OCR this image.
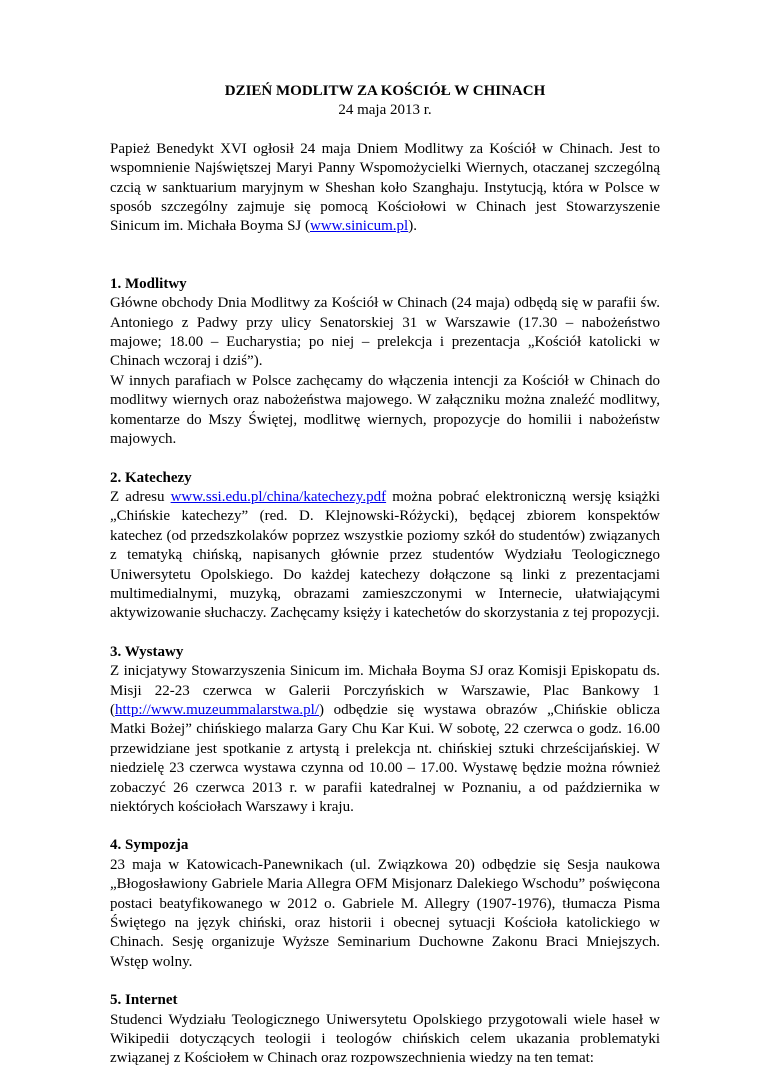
DZIEŃ MODLITW ZA KOŚCIÓŁ W CHINACH

24 maja 2013 r.

Papież Benedykt XVI ogłosił 24 maja Dniem Modlitwy za Kościół w Chinach. Jest to wspomnienie Najświętszej Maryi Panny Wspomożycielki Wiernych, otaczanej szczególną czcią w sanktuarium maryjnym w Sheshan koło Szanghaju. Instytucją, która w Polsce w sposób szczególny zajmuje się pomocą Kościołowi w Chinach jest Stowarzyszenie Sinicum im. Michała Boyma SJ (www.sinicum.pl).

1. Modlitwy

Główne obchody Dnia Modlitwy za Kościół w Chinach (24 maja) odbędą się w parafii św. Antoniego z Padwy przy ulicy Senatorskiej 31 w Warszawie (17.30 – nabożeństwo majowe; 18.00 – Eucharystia; po niej – prelekcja i prezentacja „Kościół katolicki w Chinach wczoraj i dziś”).

W innych parafiach w Polsce zachęcamy do włączenia intencji za Kościół w Chinach do modlitwy wiernych oraz nabożeństwa majowego. W załączniku można znaleźć modlitwy, komentarze do Mszy Świętej, modlitwę wiernych, propozycje do homilii i nabożeństw majowych.

2. Katechezy

Z adresu www.ssi.edu.pl/china/katechezy.pdf można pobrać elektroniczną wersję książki „Chińskie katechezy” (red. D. Klejnowski-Różycki), będącej zbiorem konspektów katechez (od przedszkolaków poprzez wszystkie poziomy szkół do studentów) związanych z tematyką chińską, napisanych głównie przez studentów Wydziału Teologicznego Uniwersytetu Opolskiego. Do każdej katechezy dołączone są linki z prezentacjami multimedialnymi, muzyką, obrazami zamieszczonymi w Internecie, ułatwiającymi aktywizowanie słuchaczy. Zachęcamy księży i katechetów do skorzystania z tej propozycji.

3. Wystawy

Z inicjatywy Stowarzyszenia Sinicum im. Michała Boyma SJ oraz Komisji Episkopatu ds. Misji 22-23 czerwca w Galerii Porczyńskich w Warszawie, Plac Bankowy 1 (http://www.muzeummalarstwa.pl/) odbędzie się wystawa obrazów „Chińskie oblicza Matki Bożej” chińskiego malarza Gary Chu Kar Kui. W sobotę, 22 czerwca o godz. 16.00 przewidziane jest spotkanie z artystą i prelekcja nt. chińskiej sztuki chrześcijańskiej. W niedzielę 23 czerwca wystawa czynna od 10.00 – 17.00. Wystawę będzie można również zobaczyć 26 czerwca 2013 r. w parafii katedralnej w Poznaniu, a od października w niektórych kościołach Warszawy i kraju.

4. Sympozja

23 maja w Katowicach-Panewnikach (ul. Związkowa 20) odbędzie się Sesja naukowa „Błogosławiony Gabriele Maria Allegra OFM Misjonarz Dalekiego Wschodu” poświęcona postaci beatyfikowanego w 2012 o. Gabriele M. Allegry (1907-1976), tłumacza Pisma Świętego na język chiński, oraz historii i obecnej sytuacji Kościoła katolickiego w Chinach. Sesję organizuje Wyższe Seminarium Duchowne Zakonu Braci Mniejszych. Wstęp wolny.

5. Internet

Studenci Wydziału Teologicznego Uniwersytetu Opolskiego przygotowali wiele haseł w Wikipedii dotyczących teologii i teologów chińskich celem ukazania problematyki związanej z Kościołem w Chinach oraz rozpowszechnienia wiedzy na ten temat:
